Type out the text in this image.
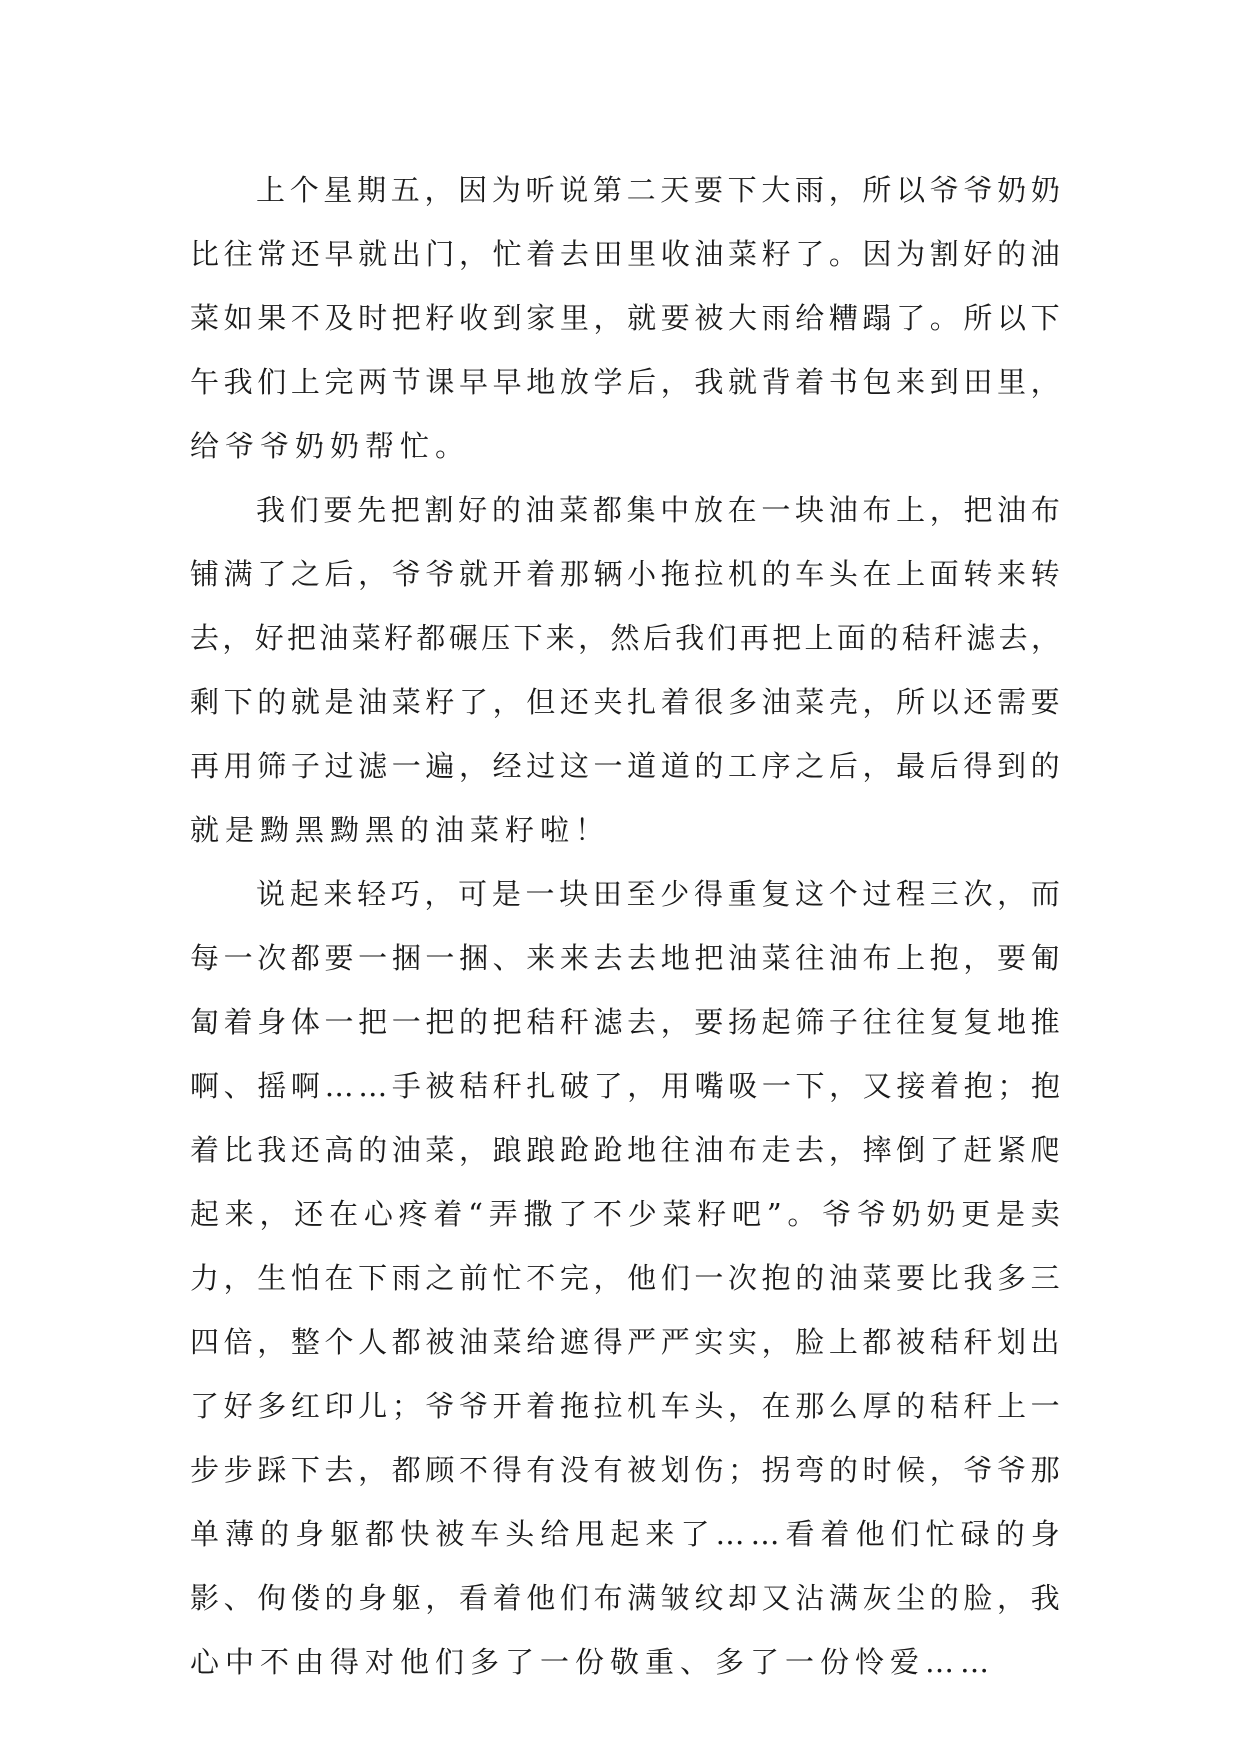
上 个 星 期 五 ， 因 为 听 说 第 二 天 要 下 大 雨 ， 所 以 爷 爷 奶 奶
比 往 常 还 早 就 出 门 ， 忙 着 去 田 里 收 油 菜 籽 了 。 因 为 割 好 的 油
菜 如 果 不 及 时 把 籽 收 到 家 里 ， 就 要 被 大 雨 给 糟 蹋 了 。 所 以 下
午 我 们 上 完 两 节 课 早 早 地 放 学 后 ， 我 就 背 着 书 包 来 到 田 里 ，
给爷爷奶奶帮忙。
我 们 要 先 把 割 好 的 油 菜 都 集 中 放 在 一 块 油 布 上 ， 把 油 布
铺 满 了 之 后 ， 爷 爷 就 开 着 那 辆 小 拖 拉 机 的 车 头 在 上 面 转 来 转
去 ， 好 把 油 菜 籽 都 碾 压 下 来 ， 然 后 我 们 再 把 上 面 的 秸 秆 滤 去 ，
剩 下 的 就 是 油 菜 籽 了 ， 但 还 夹 扎 着 很 多 油 菜 壳 ， 所 以 还 需 要
再 用 筛 子 过 滤 一 遍 ， 经 过 这 一 道 道 的 工 序 之 后 ， 最 后 得 到 的
就是黝黑黝黑的油菜籽啦！
说 起 来 轻 巧 ， 可 是 一 块 田 至 少 得 重 复 这 个 过 程 三 次 ， 而
每 一 次 都 要 一 捆 一 捆 、 来 来 去 去 地 把 油 菜 往 油 布 上 抱 ， 要 匍
匐 着 身 体 一 把 一 把 的 把 秸 秆 滤 去 ， 要 扬 起 筛 子 往 往 复 复 地 推
啊 、 摇 啊 … … 手 被 秸 秆 扎 破 了 ， 用 嘴 吸 一 下 ， 又 接 着 抱 ； 抱
着 比 我 还 高 的 油 菜 ， 踉 踉 跄 跄 地 往 油 布 走 去 ， 摔 倒 了 赶 紧 爬
起 来 ， 还 在 心 疼 着 “ 弄 撒 了 不 少 菜 籽 吧 ” 。 爷 爷 奶 奶 更 是 卖
力 ， 生 怕 在 下 雨 之 前 忙 不 完 ， 他 们 一 次 抱 的 油 菜 要 比 我 多 三
四 倍 ， 整 个 人 都 被 油 菜 给 遮 得 严 严 实 实 ， 脸 上 都 被 秸 秆 划 出
了 好 多 红 印 儿 ； 爷 爷 开 着 拖 拉 机 车 头 ， 在 那 么 厚 的 秸 秆 上 一
步 步 踩 下 去 ， 都 顾 不 得 有 没 有 被 划 伤 ； 拐 弯 的 时 候 ， 爷 爷 那
单 薄 的 身 躯 都 快 被 车 头 给 甩 起 来 了 … … 看 着 他 们 忙 碌 的 身
影 、 佝 偻 的 身 躯 ， 看 着 他 们 布 满 皱 纹 却 又 沾 满 灰 尘 的 脸 ， 我
心中不由得对他们多了一份敬重、多了一份怜爱……
